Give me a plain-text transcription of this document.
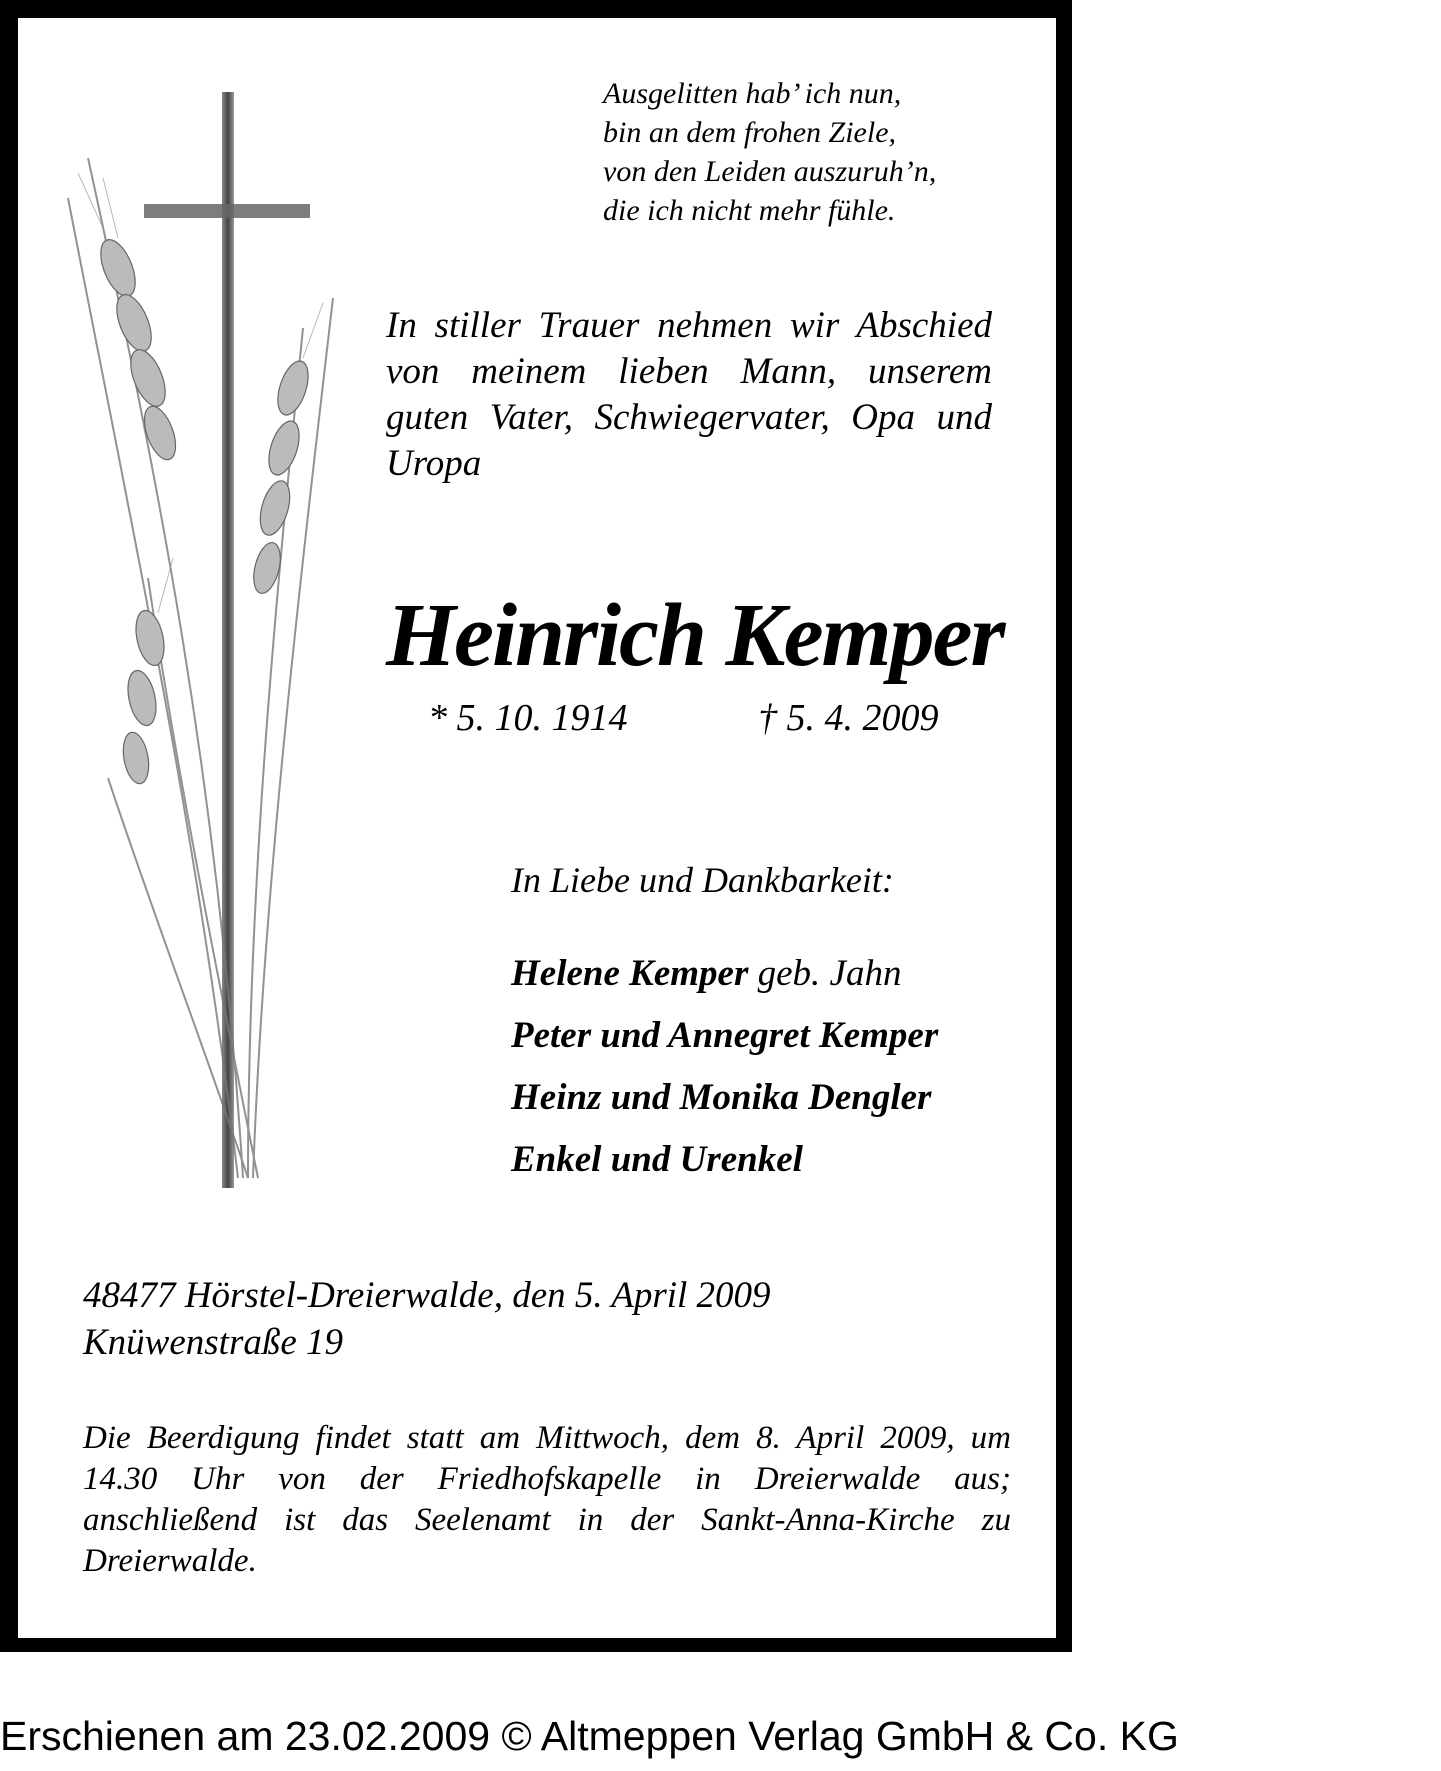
Ausgelitten hab’ ich nun,
bin an dem frohen Ziele,
von den Leiden auszuruh’n,
die ich nicht mehr fühle.
In stiller Trauer nehmen wir Abschied von meinem lieben Mann, unserem guten Vater, Schwiegervater, Opa und Uropa
Heinrich Kemper
* 5. 10. 1914	† 5. 4. 2009
In Liebe und Dankbarkeit:
Helene Kemper geb. Jahn
Peter und Annegret Kemper
Heinz und Monika Dengler
Enkel und Urenkel
48477 Hörstel-Dreierwalde, den 5. April 2009
Knüwenstraße 19
Die Beerdigung findet statt am Mittwoch, dem 8. April 2009, um 14.30 Uhr von der Friedhofskapelle in Dreierwalde aus; anschließend ist das Seelenamt in der Sankt-Anna-Kirche zu Dreierwalde.
Erschienen am 23.02.2009 © Altmeppen Verlag GmbH & Co. KG
